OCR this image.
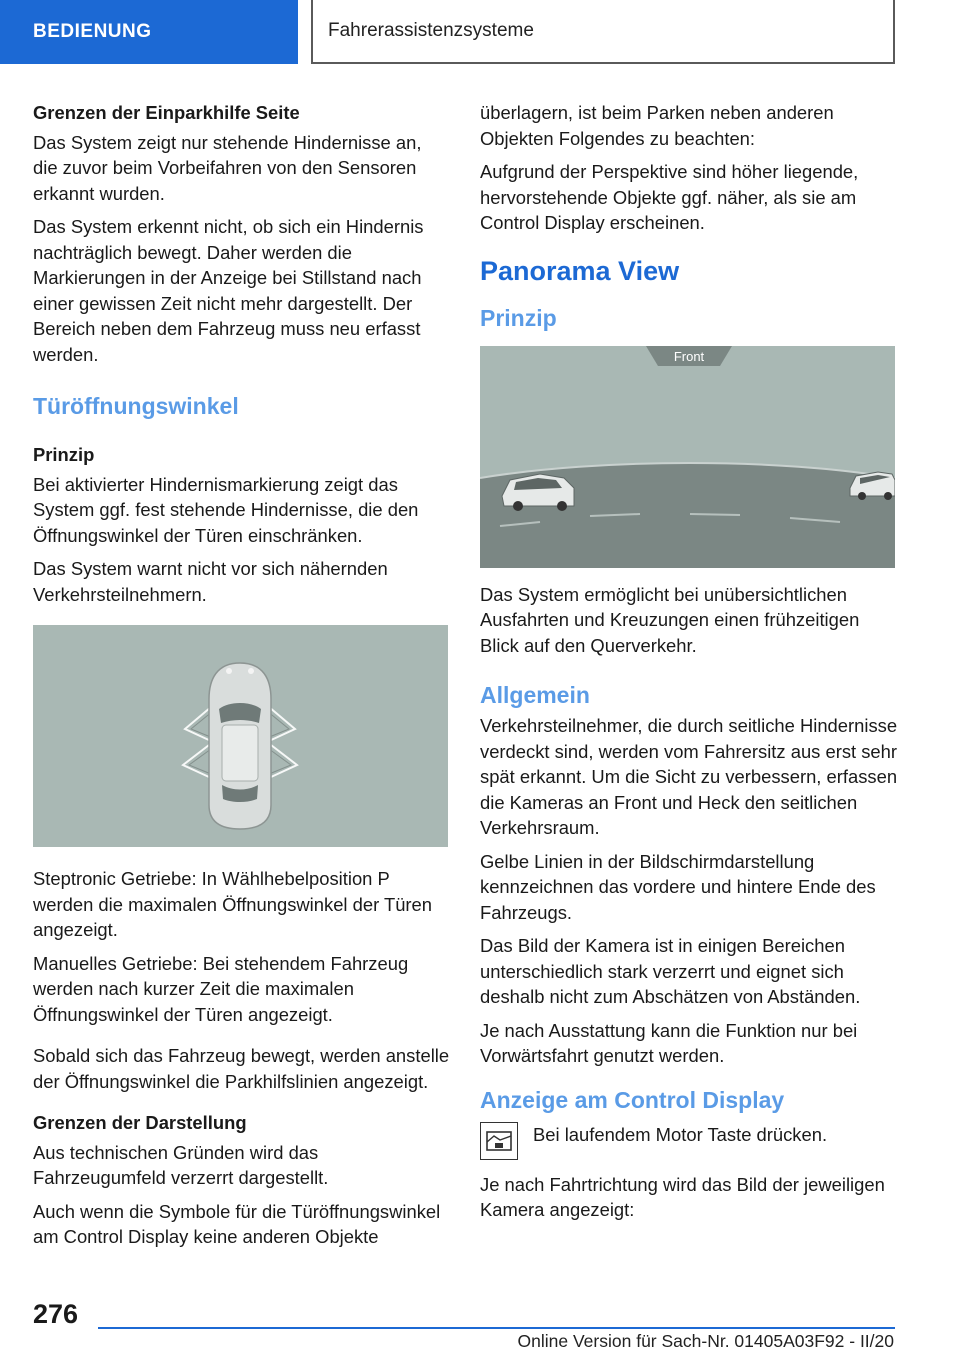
BEDIENUNG	Fahrerassistenzsysteme
Grenzen der Einparkhilfe Seite

Das System zeigt nur stehende Hindernisse an, die zuvor beim Vorbeifahren von den Sensoren erkannt wurden.

Das System erkennt nicht, ob sich ein Hindernis nachträglich bewegt. Daher werden die Markierungen in der Anzeige bei Stillstand nach einer gewissen Zeit nicht mehr dargestellt. Der Bereich neben dem Fahrzeug muss neu erfasst werden.

Türöffnungswinkel
Prinzip

Bei aktivierter Hindernismarkierung zeigt das System ggf. fest stehende Hindernisse, die den Öffnungswinkel der Türen einschränken.

Das System warnt nicht vor sich nähernden Verkehrsteilnehmern.

Steptronic Getriebe: In Wählhebelposition P werden die maximalen Öffnungswinkel der Türen angezeigt.

Manuelles Getriebe: Bei stehendem Fahrzeug werden nach kurzer Zeit die maximalen Öffnungswinkel der Türen angezeigt.

Sobald sich das Fahrzeug bewegt, werden anstelle der Öffnungswinkel die Parkhilfslinien angezeigt.

Grenzen der Darstellung

Aus technischen Gründen wird das Fahrzeugumfeld verzerrt dargestellt.

Auch wenn die Symbole für die Türöffnungswinkel am Control Display keine anderen Objekte

überlagern, ist beim Parken neben anderen Objekten Folgendes zu beachten:

Aufgrund der Perspektive sind höher liegende, hervorstehende Objekte ggf. näher, als sie am Control Display erscheinen.

Panorama View
Prinzip
Front

Das System ermöglicht bei unübersichtlichen Ausfahrten und Kreuzungen einen frühzeitigen Blick auf den Querverkehr.

Allgemein

Verkehrsteilnehmer, die durch seitliche Hindernisse verdeckt sind, werden vom Fahrersitz aus erst sehr spät erkannt. Um die Sicht zu verbessern, erfassen die Kameras an Front und Heck den seitlichen Verkehrsraum.

Gelbe Linien in der Bildschirmdarstellung kennzeichnen das vordere und hintere Ende des Fahrzeugs.

Das Bild der Kamera ist in einigen Bereichen unterschiedlich stark verzerrt und eignet sich deshalb nicht zum Abschätzen von Abständen.

Je nach Ausstattung kann die Funktion nur bei Vorwärtsfahrt genutzt werden.

Anzeige am Control Display

Bei laufendem Motor Taste drücken.

Je nach Fahrtrichtung wird das Bild der jeweiligen Kamera angezeigt:

276
Online Version für Sach-Nr. 01405A03F92 - II/20
